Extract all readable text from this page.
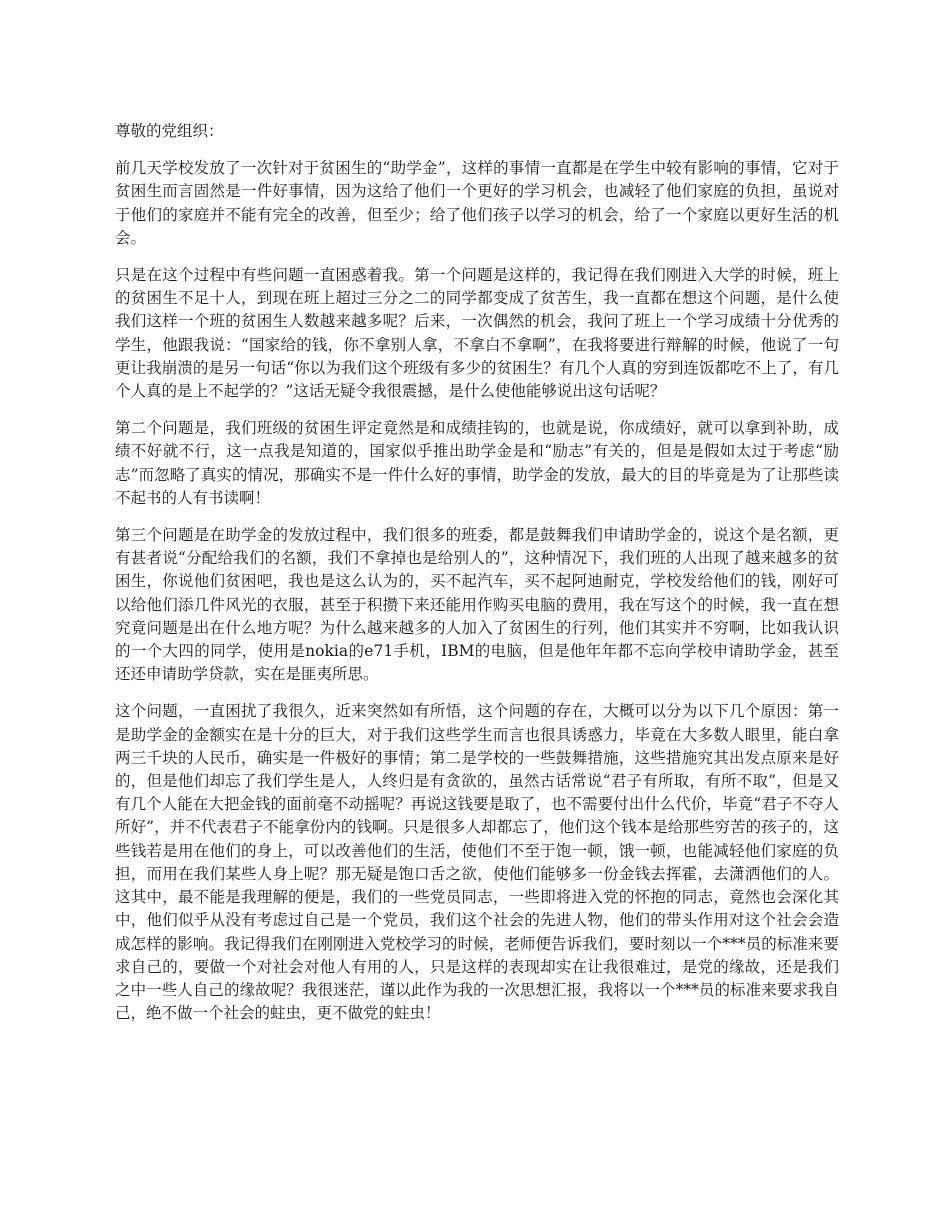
尊敬的党组织：

前几天学校发放了一次针对于贫困生的“助学金”，这样的事情一直都是在学生中较有影响的事情，它对于贫困生而言固然是一件好事情，因为这给了他们一个更好的学习机会，也减轻了他们家庭的负担，虽说对于他们的家庭并不能有完全的改善，但至少；给了他们孩子以学习的机会，给了一个家庭以更好生活的机会。

只是在这个过程中有些问题一直困惑着我。第一个问题是这样的，我记得在我们刚进入大学的时候，班上的贫困生不足十人，到现在班上超过三分之二的同学都变成了贫苦生，我一直都在想这个问题，是什么使我们这样一个班的贫困生人数越来越多呢？后来，一次偶然的机会，我问了班上一个学习成绩十分优秀的学生，他跟我说：“国家给的钱，你不拿别人拿，不拿白不拿啊”，在我将要进行辩解的时候，他说了一句更让我崩溃的是另一句话“你以为我们这个班级有多少的贫困生？有几个人真的穷到连饭都吃不上了，有几个人真的是上不起学的？”这话无疑令我很震撼，是什么使他能够说出这句话呢？

第二个问题是，我们班级的贫困生评定竟然是和成绩挂钩的，也就是说，你成绩好，就可以拿到补助，成绩不好就不行，这一点我是知道的，国家似乎推出助学金是和“励志”有关的，但是是假如太过于考虑“励志”而忽略了真实的情况，那确实不是一件什么好的事情，助学金的发放，最大的目的毕竟是为了让那些读不起书的人有书读啊！

第三个问题是在助学金的发放过程中，我们很多的班委，都是鼓舞我们申请助学金的，说这个是名额，更有甚者说“分配给我们的名额，我们不拿掉也是给别人的”，这种情况下，我们班的人出现了越来越多的贫困生，你说他们贫困吧，我也是这么认为的，买不起汽车，买不起阿迪耐克，学校发给他们的钱，刚好可以给他们添几件风光的衣服，甚至于积攒下来还能用作购买电脑的费用，我在写这个的时候，我一直在想究竟问题是出在什么地方呢？为什么越来越多的人加入了贫困生的行列，他们其实并不穷啊，比如我认识的一个大四的同学，使用是nokia的e71手机，IBM的电脑，但是他年年都不忘向学校申请助学金，甚至还还申请助学贷款，实在是匪夷所思。

这个问题，一直困扰了我很久，近来突然如有所悟，这个问题的存在，大概可以分为以下几个原因：第一是助学金的金额实在是十分的巨大，对于我们这些学生而言也很具诱惑力，毕竟在大多数人眼里，能白拿两三千块的人民币，确实是一件极好的事情；第二是学校的一些鼓舞措施，这些措施究其出发点原来是好的，但是他们却忘了我们学生是人，人终归是有贪欲的，虽然古话常说“君子有所取，有所不取”，但是又有几个人能在大把金钱的面前毫不动摇呢？再说这钱要是取了，也不需要付出什么代价，毕竟“君子不夺人所好”，并不代表君子不能拿份内的钱啊。只是很多人却都忘了，他们这个钱本是给那些穷苦的孩子的，这些钱若是用在他们的身上，可以改善他们的生活，使他们不至于饱一顿，饿一顿，也能减轻他们家庭的负担，而用在我们某些人身上呢？那无疑是饱口舌之欲，使他们能够多一份金钱去挥霍，去潇洒他们的人。这其中，最不能是我理解的便是，我们的一些党员同志，一些即将进入党的怀抱的同志，竟然也会深化其中，他们似乎从没有考虑过自己是一个党员，我们这个社会的先进人物，他们的带头作用对这个社会会造成怎样的影响。我记得我们在刚刚进入党校学习的时候，老师便告诉我们，要时刻以一个***员的标准来要求自己的，要做一个对社会对他人有用的人，只是这样的表现却实在让我很难过，是党的缘故，还是我们之中一些人自己的缘故呢？我很迷茫，谨以此作为我的一次思想汇报，我将以一个***员的标准来要求我自己，绝不做一个社会的蛀虫，更不做党的蛀虫！
